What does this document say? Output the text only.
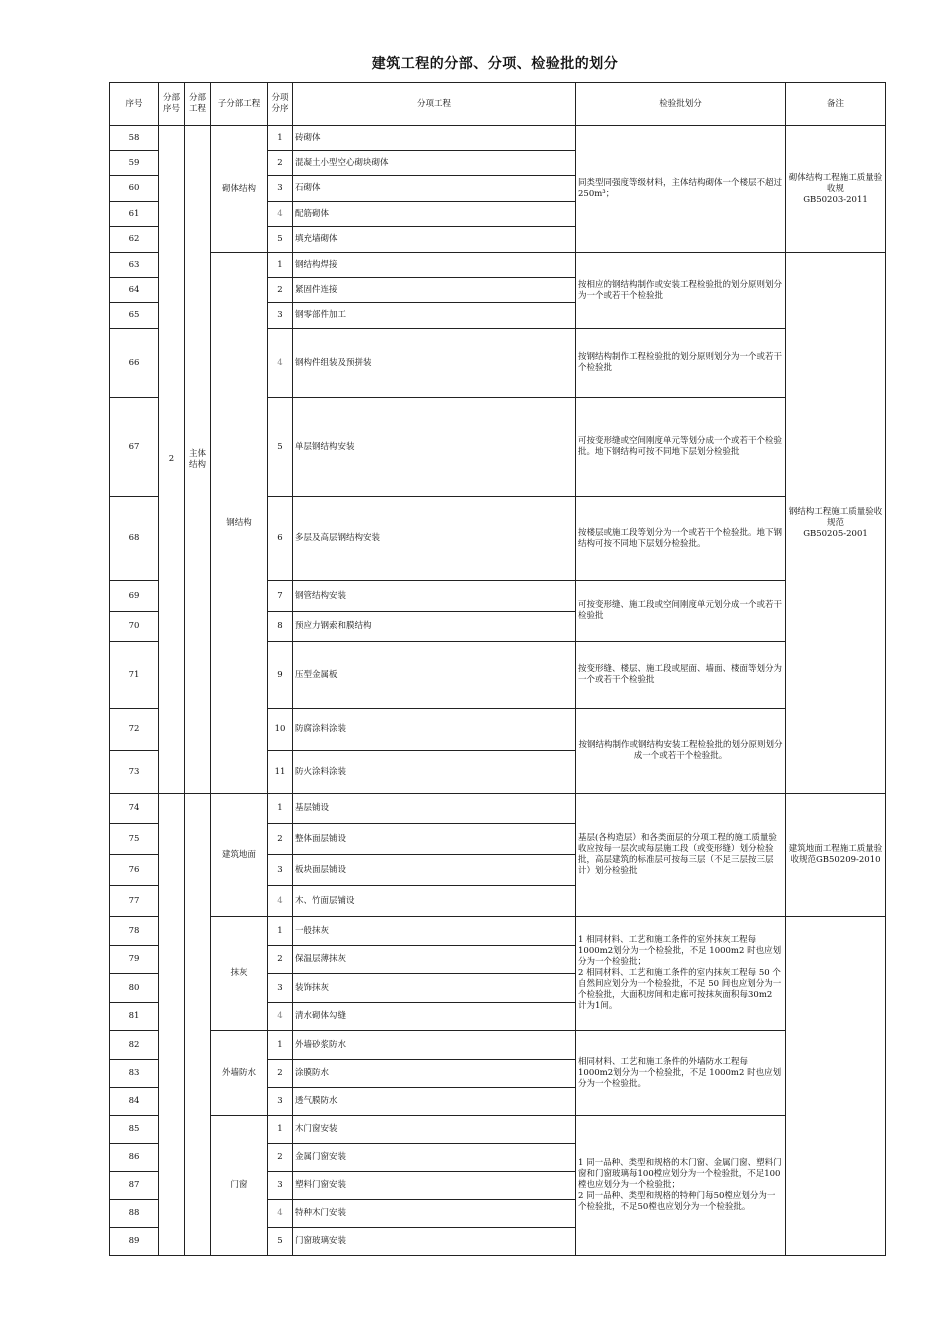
建筑工程的分部、分项、检验批的划分
序号	分部序号	分部工程	子分部工程	分项分序	分项工程	检验批划分	备注
58	2	主体结构	砌体结构	1	砖砌体	同类型同强度等级材料，主体结构砌体一个楼层不超过250m³；	砌体结构工程施工质量验收规
GB50203-2011
59				2	混凝土小型空心砌块砌体		
60				3	石砌体		
61				4	配筋砌体		
62				5	填充墙砌体		
63			钢结构	1	钢结构焊接	按相应的钢结构制作或安装工程检验批的划分原则划分为一个或若干个检验批	钢结构工程施工质量验收规范
GB50205-2001
64				2	紧固件连接		
65				3	钢零部件加工		
66				4	钢构件组装及预拼装	按钢结构制作工程检验批的划分原则划分为一个或若干个检验批	
67				5	单层钢结构安装	可按变形缝或空间刚度单元等划分成一个或若干个检验批。地下钢结构可按不同地下层划分检验批	
68				6	多层及高层钢结构安装	按楼层或施工段等划分为一个或若干个检验批。地下钢结构可按不同地下层划分检验批。	
69				7	钢管结构安装	可按变形缝、施工段或空间刚度单元划分成一个或若干检验批	
70				8	预应力钢索和膜结构		
71				9	压型金属板	按变形缝、楼层、施工段或屋面、墙面、楼面等划分为一个或若干个检验批	
72				10	防腐涂料涂装	按钢结构制作或钢结构安装工程检验批的划分原则划分成一个或若干个检验批。	
73				11	防火涂料涂装		
74			建筑地面	1	基层铺设	基层(各构造层）和各类面层的分项工程的施工质量验收应按每一层次或每层施工段（或变形缝）划分检验批，高层建筑的标准层可按每三层（不足三层按三层计）划分检验批	建筑地面工程施工质量验收规范GB50209-2010
75				2	整体面层铺设		
76				3	板块面层铺设		
77				4	木、竹面层铺设		
78			抹灰	1	一般抹灰	1 相同材料、工艺和施工条件的室外抹灰工程每 1000m2划分为一个检验批，不足 1000m2 时也应划分为一个检验批；
2 相同材料、工艺和施工条件的室内抹灰工程每 50 个自然间应划分为一个检验批，不足 50 间也应划分为一个检验批，大面积房间和走廊可按抹灰面积每30m2 计为1间。	
79				2	保温层薄抹灰		
80				3	装饰抹灰		
81				4	清水砌体勾缝		
82			外墙防水	1	外墙砂浆防水	相同材料、工艺和施工条件的外墙防水工程每1000m2划分为一个检验批，不足 1000m2 时也应划分为一个检验批。	
83				2	涂膜防水		
84				3	透气膜防水		
85			门窗	1	木门窗安装	1 同一品种、类型和规格的木门窗、金属门窗、塑料门窗和门窗玻璃每100樘应划分为一个检验批，不足100樘也应划分为一个检验批；
2 同一品种、类型和规格的特种门每50樘应划分为一个检验批，不足50樘也应划分为一个检验批。	
86				2	金属门窗安装		
87				3	塑料门窗安装		
88				4	特种木门安装		
89				5	门窗玻璃安装		
